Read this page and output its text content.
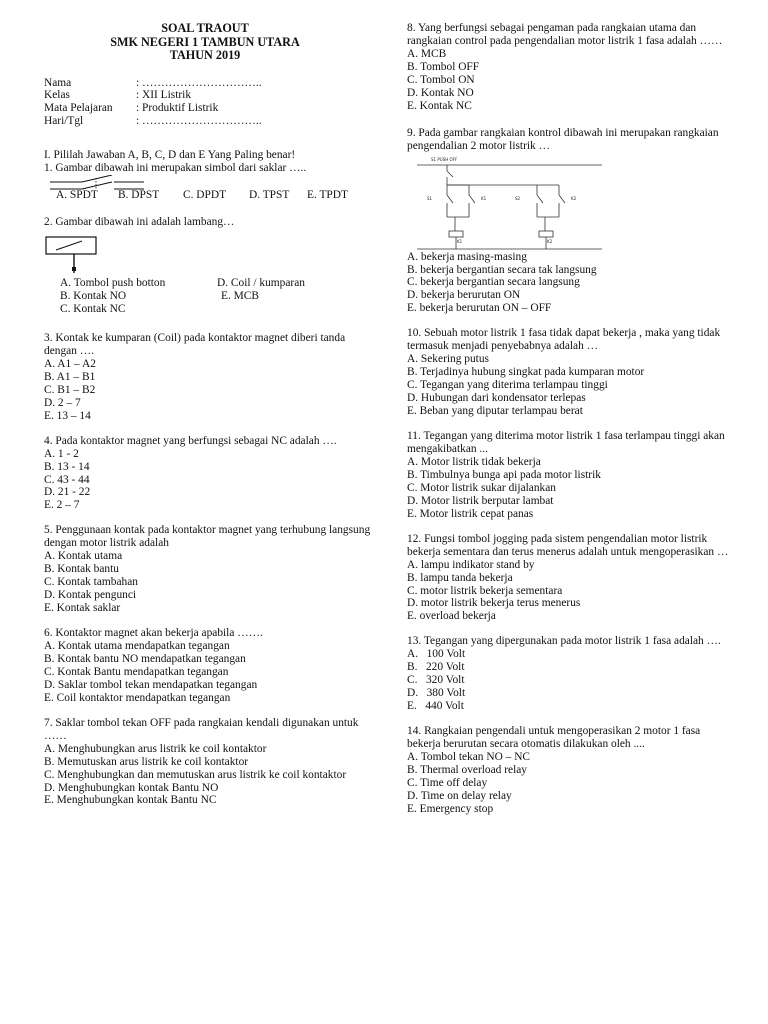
SOAL TRAOUT
SMK NEGERI 1 TAMBUN UTARA
TAHUN 2019
Nama	: …………………………..
Kelas	: XII Listrik
Mata Pelajaran	: Produktif Listrik
Hari/Tgl	: …………………………..
I. Pililah Jawaban A, B, C, D dan E Yang Paling benar!
1. Gambar dibawah ini merupakan simbol dari saklar …..
A. SPDT	B. DPST	C. DPDT	D. TPST	E. TPDT
2. Gambar dibawah ini adalah lambang…
A. Tombol push botton	D. Coil / kumparan
B. Kontak NO	E. MCB
C. Kontak NC
3. Kontak ke kumparan (Coil) pada kontaktor magnet diberi tanda dengan ….
A. A1 – A2
B. A1 – B1
C. B1 – B2
D. 2 – 7
E. 13 – 14
4. Pada kontaktor magnet yang berfungsi sebagai NC adalah ….
A. 1 - 2
B. 13 - 14
C. 43 - 44
D. 21 - 22
E. 2 – 7
5. Penggunaan kontak pada kontaktor magnet yang terhubung langsung dengan motor listrik adalah
A. Kontak utama
B. Kontak bantu
C. Kontak tambahan
D. Kontak pengunci
E. Kontak saklar
6. Kontaktor magnet akan bekerja apabila …….
A. Kontak utama mendapatkan tegangan
B. Kontak bantu NO mendapatkan tegangan
C. Kontak Bantu mendapatkan tegangan
D. Saklar tombol tekan mendapatkan tegangan
E. Coil kontaktor mendapatkan tegangan
7. Saklar tombol tekan OFF pada rangkaian kendali digunakan untuk ……
A. Menghubungkan arus listrik ke coil kontaktor
B. Memutuskan arus listrik ke coil kontaktor
C. Menghubungkan dan memutuskan arus listrik ke coil kontaktor
D. Menghubungkan kontak Bantu NO
E. Menghubungkan kontak Bantu NC
8. Yang berfungsi sebagai pengaman pada rangkaian utama dan rangkaian control pada pengendalian motor listrik 1 fasa adalah ……
A. MCB
B. Tombol OFF
C. Tombol ON
D. Kontak NO
E. Kontak NC
9. Pada gambar rangkaian kontrol dibawah ini merupakan rangkaian pengendalian 2 motor listrik …
S1 PUSH OFF
S1	K1	S2	K2
K1	K2
A. bekerja masing-masing
B. bekerja bergantian secara tak langsung
C. bekerja bergantian secara langsung
D. bekerja berurutan ON
E. bekerja berurutan ON – OFF
10. Sebuah motor listrik 1 fasa tidak dapat bekerja , maka yang tidak termasuk menjadi penyebabnya adalah …
A. Sekering putus
B. Terjadinya hubung singkat pada kumparan motor
C. Tegangan yang diterima terlampau tinggi
D. Hubungan dari kondensator terlepas
E. Beban yang diputar terlampau berat
11. Tegangan yang diterima motor listrik 1 fasa terlampau tinggi akan mengakibatkan ...
A. Motor listrik tidak bekerja
B. Timbulnya bunga api pada motor listrik
C. Motor listrik sukar dijalankan
D. Motor listrik berputar lambat
E. Motor listrik cepat panas
12. Fungsi tombol jogging pada sistem pengendalian motor listrik bekerja sementara dan terus menerus adalah untuk mengoperasikan …
A. lampu indikator stand by
B. lampu tanda bekerja
C. motor listrik bekerja sementara
D. motor listrik bekerja terus menerus
E. overload bekerja
13. Tegangan yang dipergunakan pada motor listrik 1 fasa adalah ….
A.   100 Volt
B.   220 Volt
C.   320 Volt
D.   380 Volt
E.   440 Volt
14. Rangkaian pengendali untuk mengoperasikan 2 motor 1 fasa bekerja berurutan secara otomatis dilakukan oleh ....
A. Tombol tekan NO – NC
B. Thermal overload relay
C. Time off delay
D. Time on delay relay
E. Emergency stop
